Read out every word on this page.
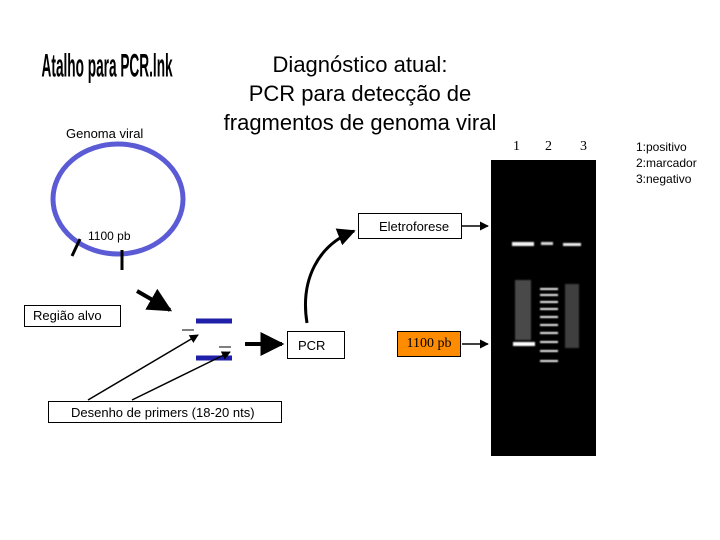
Atalho para PCR.lnk	Diagnóstico atual:
PCR para detecção de
fragmentos de genoma viral
Genoma viral
1100 pb
Região alvo
Desenho de primers (18-20 nts)
PCR	1100 pb
Eletroforese
1 2 3	1:positivo
2:marcador
3:negativo
